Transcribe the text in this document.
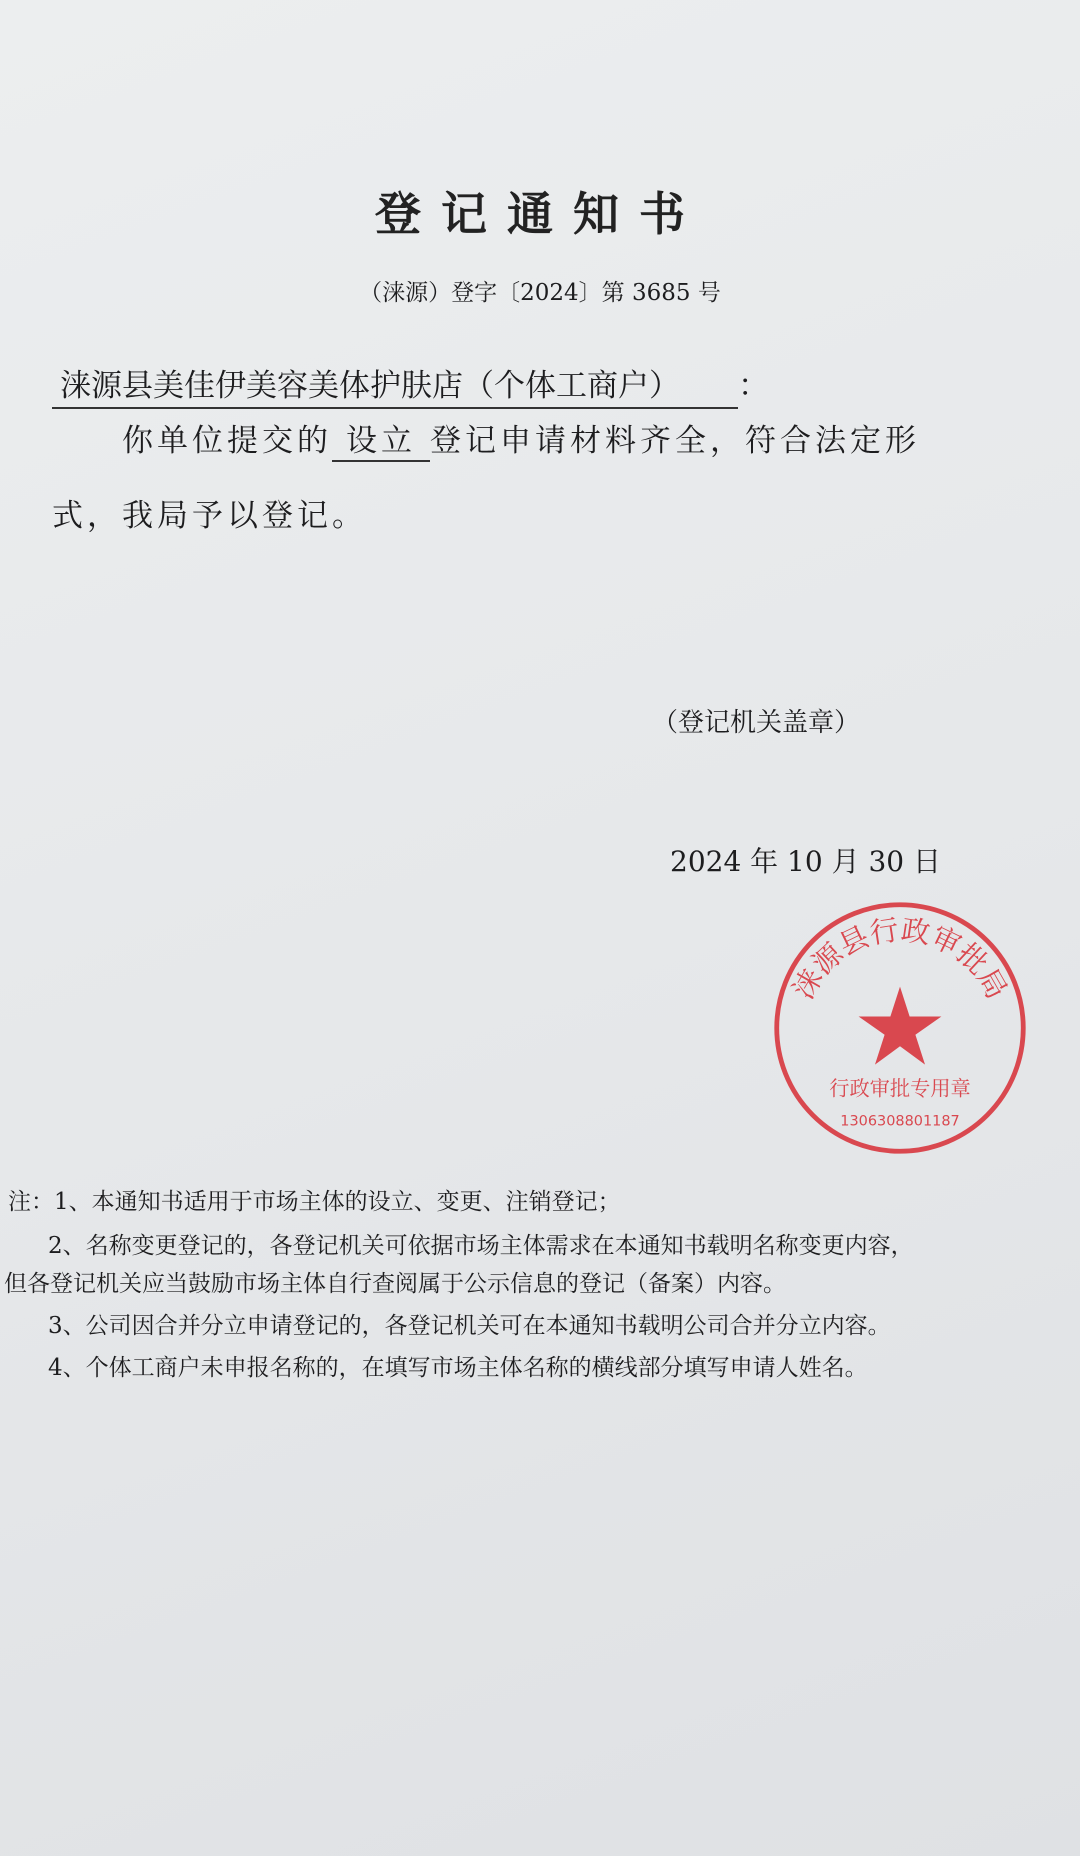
登记通知书
（涞源）登字〔2024〕第 3685 号
涞源县美佳伊美容美体护肤店（个体工商户） ：
你单位提交的 设立 登记申请材料齐全，符合法定形
式，我局予以登记。
（登记机关盖章）
2024 年 10 月 30 日
涞源县行政审批局
行政审批专用章
1306308801187
注：1、本通知书适用于市场主体的设立、变更、注销登记；
2、名称变更登记的，各登记机关可依据市场主体需求在本通知书载明名称变更内容，
但各登记机关应当鼓励市场主体自行查阅属于公示信息的登记（备案）内容。
3、公司因合并分立申请登记的，各登记机关可在本通知书载明公司合并分立内容。
4、个体工商户未申报名称的，在填写市场主体名称的横线部分填写申请人姓名。
